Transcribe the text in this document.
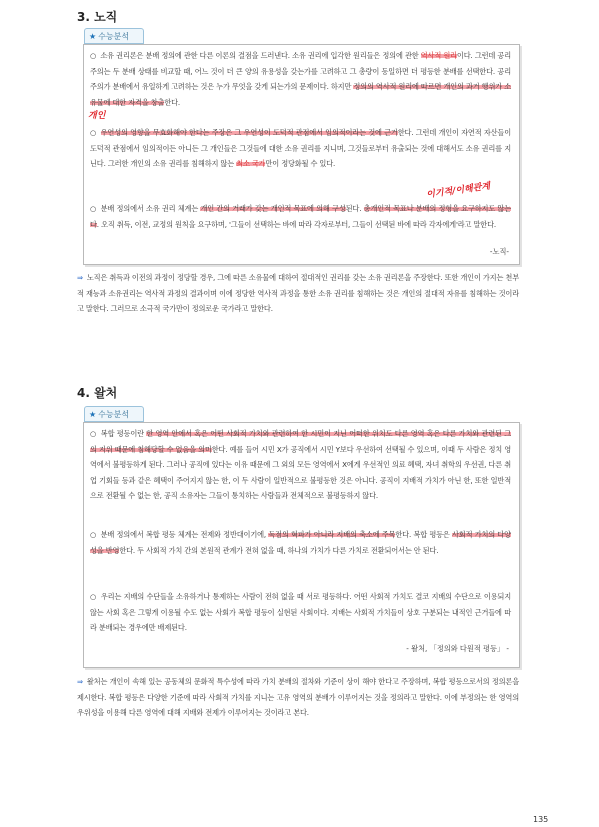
3. 노직
★ 수능분석
○ 소유 권리론은 분배 정의에 관한 다른 이론의 결점을 드러낸다. 소유 권리에 입각한 원리들은 정의에 관한 역사적 원리이다. 그런데 공리주의는 두 분배 상태를 비교할 때, 어느 것이 더 큰 양의 유용성을 갖는가를 고려하고 그 총량이 동일하면 더 평등한 분배를 선택한다. 공리주의가 분배에서 유일하게 고려하는 것은 누가 무엇을 갖게 되는가의 문제이다. 하지만 정의의 역사적 원리에 따르면 개인의 과거 행위가 소유물에 대한 자격을 창출한다.
개인
○ 우연성의 영향을 무효화해야 한다는 주장은 그 우연성이 도덕적 관점에서 임의적이라는 것에 근거한다. 그런데 개인이 자연적 자산들이 도덕적 관점에서 임의적이든 아니든 그 개인들은 그것들에 대한 소유 권리를 지니며, 그것들로부터 유출되는 것에 대해서도 소유 권리를 지닌다. 그러한 개인의 소유 권리를 침해하지 않는 최소 국가만이 정당화될 수 있다.
이기적/이해관계
○ 분배 정의에서 소유 권리 체계는 개인 간의 거래가 갖는 개인적 목표에 의해 구성된다. 총개인적 목표나 분배의 정형을 요구하지도 않는다. 오직 취득, 이전, 교정의 원칙을 요구하며, '그들이 선택하는 바에 따라 각자로부터, 그들이 선택된 바에 따라 각자에게'라고 말한다.
-노직-
⇒ 노직은 취득과 이전의 과정이 정당할 경우, 그에 따른 소유물에 대하여 절대적인 권리를 갖는 소유 권리론을 주장한다. 또한 개인이 가지는 천부적 재능과 소유권리는 역사적 과정의 결과이며 이에 정당한 역사적 과정을 통한 소유 권리를 침해하는 것은 개인의 절대적 자유를 침해하는 것이라고 말한다. 그러므로 소극적 국가만이 정의로운 국가라고 말한다.
4. 왈처
★ 수능분석
○ 복합 평등이란 한 영역 안에서 혹은 어떤 사회적 가치와 관련하여 한 시민이 지닌 어떠한 위치도 다른 영역 혹은 다른 가치와 관련된 그의 지위 때문에 침해당할 수 없음을 의미한다. 예를 들어 시민 X가 공직에서 시민 Y보다 우선하여 선택될 수 있으며, 이때 두 사람은 정치 영역에서 불평등하게 된다. 그러나 공직에 있다는 이유 때문에 그 외의 모든 영역에서 X에게 우선적인 의료 혜택, 자녀 취학의 우선권, 다른 취업 기회들 등과 같은 혜택이 주어지지 않는 한, 이 두 사람이 일반적으로 불평등한 것은 아니다. 공직이 지배적 가치가 아닌 한, 또한 일반적으로 전환될 수 없는 한, 공직 소유자는 그들이 통치하는 사람들과 전체적으로 불평등하지 않다.
○ 분배 정의에서 복합 평등 체계는 전제와 정반대이기에, 독점의 혁파가 아니라 지배의 축소에 주목한다. 복합 평등은 사회적 가치의 다양성을 반영한다. 두 사회적 가치 간의 본원적 관계가 전혀 없을 때, 하나의 가치가 다른 가치로 전환되어서는 안 된다.
○ 우리는 지배의 수단들을 소유하거나 통제하는 사람이 전혀 없을 때 서로 평등하다. 어떤 사회적 가치도 결코 지배의 수단으로 이용되지 않는 사회 혹은 그렇게 이용될 수도 없는 사회가 복합 평등이 실현된 사회이다. 지배는 사회적 가치들이 상호 구분되는 내적인 근거들에 따라 분배되는 경우에만 배제된다.
- 왈처, 「정의와 다원적 평등」 -
⇒ 왈처는 개인이 속해 있는 공동체의 문화적 특수성에 따라 가치 분배의 절차와 기준이 상이 해야 한다고 주장하며, 복합 평등으로서의 정의론을 제시한다. 복합 평등은 다양한 기준에 따라 사회적 가치를 지니는 고유 영역의 분배가 이루어지는 것을 정의라고 말한다. 이에 부정의는 한 영역의 우위성을 이용해 다른 영역에 대해 지배와 전제가 이루어지는 것이라고 본다.
135
